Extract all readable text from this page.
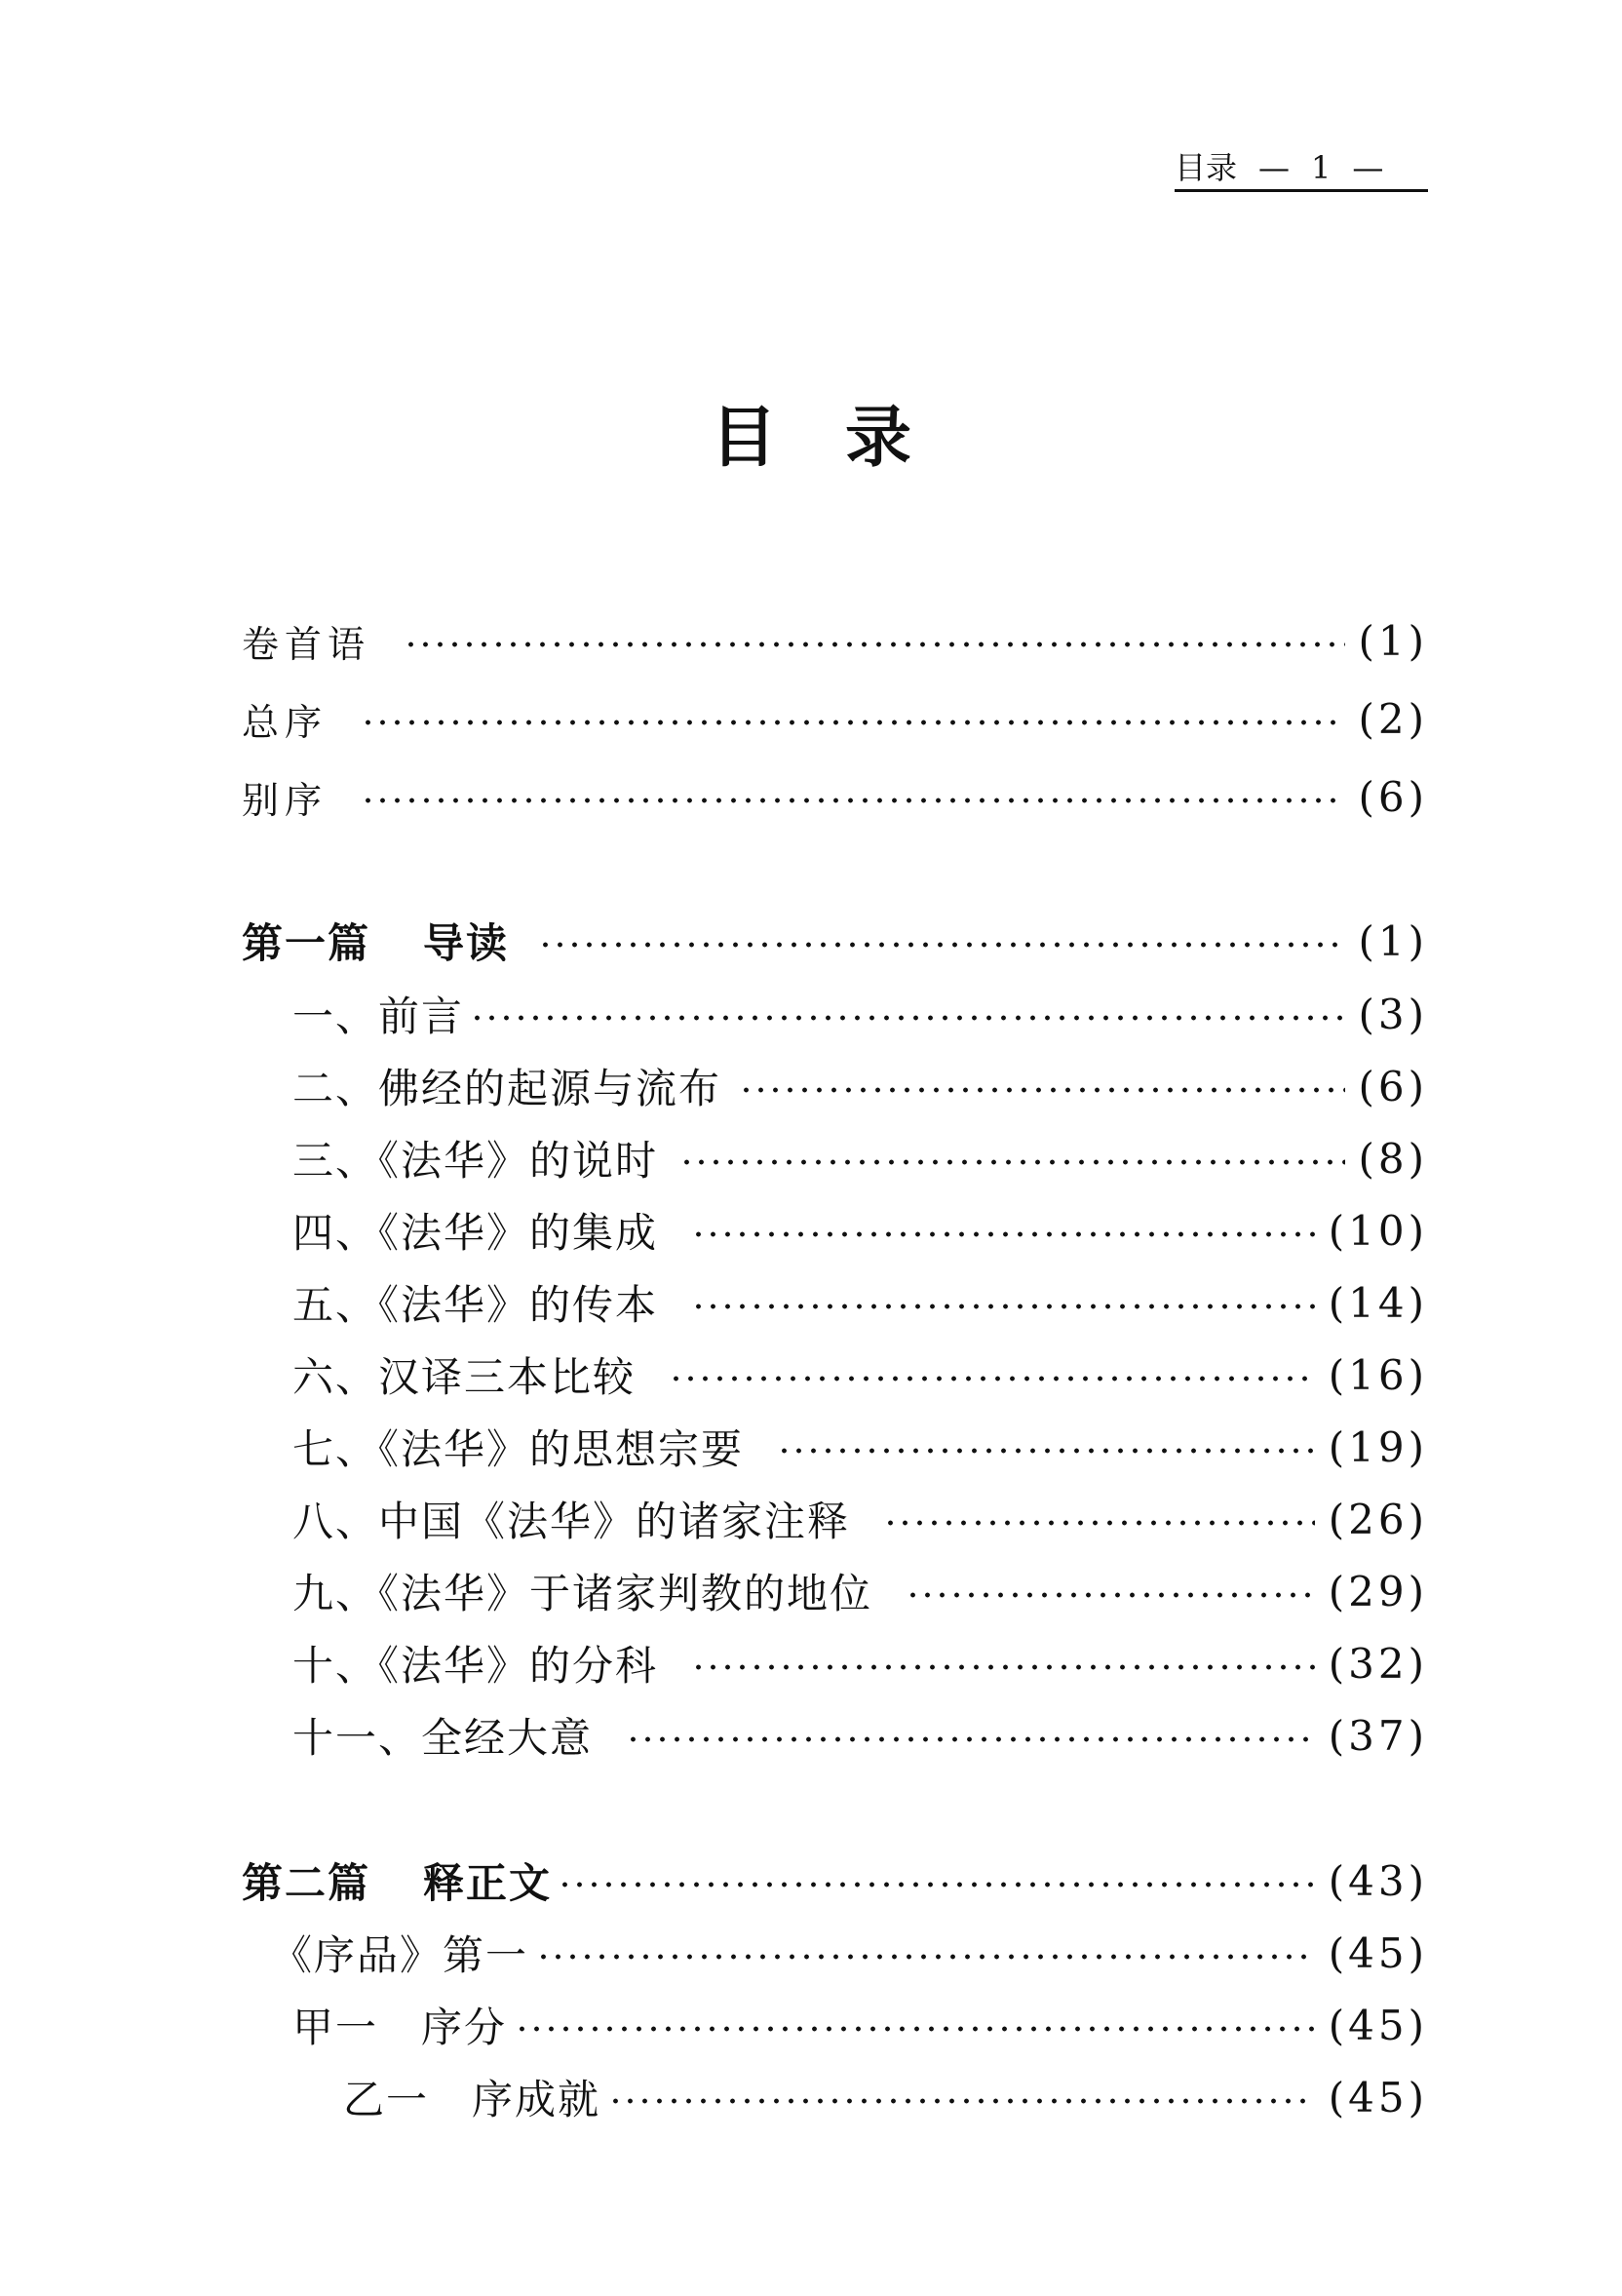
目录 — 1 —
目录
卷首语	(1)
总序	(2)
别序	(6)
第一篇 导读	(1)
一、前言	(3)
二、佛经的起源与流布	(6)
三、《法华》的说时	(8)
四、《法华》的集成	(10)
五、《法华》的传本	(14)
六、汉译三本比较	(16)
七、《法华》的思想宗要	(19)
八、中国《法华》的诸家注释	(26)
九、《法华》于诸家判教的地位	(29)
十、《法华》的分科	(32)
十一、全经大意	(37)
第二篇 释正文	(43)
《序品》第一	(45)
甲一 序分	(45)
乙一 序成就	(45)
